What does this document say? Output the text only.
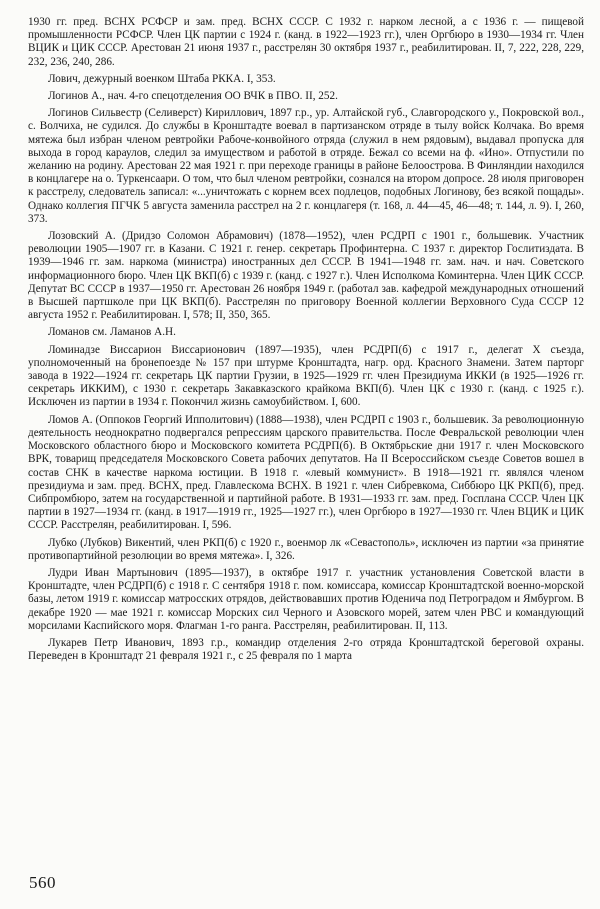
1930 гг. пред. ВСНХ РСФСР и зам. пред. ВСНХ СССР. С 1932 г. нарком лесной, а с 1936 г. — пищевой промышленности РСФСР. Член ЦК партии с 1924 г. (канд. в 1922—1923 гг.), член Оргбюро в 1930—1934 гг. Член ВЦИК и ЦИК СССР. Арестован 21 июня 1937 г., расстрелян 30 октября 1937 г., реабилитирован. II, 7, 222, 228, 229, 232, 236, 240, 286.

Лович, дежурный военком Штаба РККА. I, 353.

Логинов А., нач. 4-го спецотделения ОО ВЧК в ПВО. II, 252.

Логинов Сильвестр (Селиверст) Кириллович, 1897 г.р., ур. Алтайской губ., Славгородского у., Покровской вол., с. Волчиха, не судился. До службы в Кронштадте воевал в партизанском отряде в тылу войск Колчака. Во время мятежа был избран членом ревтройки Рабоче-конвойного отряда (служил в нем рядовым), выдавал пропуска для выхода в город караулов, следил за имуществом и работой в отряде. Бежал со всеми на ф. «Ино». Отпустили по желанию на родину. Арестован 22 мая 1921 г. при переходе границы в районе Белоострова. В Финляндии находился в концлагере на о. Туркенсаари. О том, что был членом ревтройки, сознался на втором допросе. 28 июля приговорен к расстрелу, следователь записал: «...уничтожать с корнем всех подлецов, подобных Логинову, без всякой пощады». Однако коллегия ПГЧК 5 августа заменила расстрел на 2 г. концлагеря (т. 168, л. 44—45, 46—48; т. 144, л. 9). I, 260, 373.

Лозовский А. (Дридзо Соломон Абрамович) (1878—1952), член РСДРП с 1901 г., большевик. Участник революции 1905—1907 гг. в Казани. С 1921 г. генер. секретарь Профинтерна. С 1937 г. директор Гослитиздата. В 1939—1946 гг. зам. наркома (министра) иностранных дел СССР. В 1941—1948 гг. зам. нач. и нач. Советского информационного бюро. Член ЦК ВКП(б) с 1939 г. (канд. с 1927 г.). Член Исполкома Коминтерна. Член ЦИК СССР. Депутат ВС СССР в 1937—1950 гг. Арестован 26 ноября 1949 г. (работал зав. кафедрой международных отношений в Высшей партшколе при ЦК ВКП(б). Расстрелян по приговору Военной коллегии Верховного Суда СССР 12 августа 1952 г. Реабилитирован. I, 578; II, 350, 365.

Ломанов см. Ламанов А.Н.

Ломинадзе Виссарион Виссарионович (1897—1935), член РСДРП(б) с 1917 г., делегат X съезда, уполномоченный на бронепоезде № 157 при штурме Кронштадта, нагр. орд. Красного Знамени. Затем парторг завода в 1922—1924 гг. секретарь ЦК партии Грузии, в 1925—1929 гг. член Президиума ИККИ (в 1925—1926 гг. секретарь ИККИМ), с 1930 г. секретарь Закавказского крайкома ВКП(б). Член ЦК с 1930 г. (канд. с 1925 г.). Исключен из партии в 1934 г. Покончил жизнь самоубийством. I, 600.

Ломов А. (Оппоков Георгий Ипполитович) (1888—1938), член РСДРП с 1903 г., большевик. За революционную деятельность неоднократно подвергался репрессиям царского правительства. После Февральской революции член Московского областного бюро и Московского комитета РСДРП(б). В Октябрьские дни 1917 г. член Московского ВРК, товарищ председателя Московского Совета рабочих депутатов. На II Всероссийском съезде Советов вошел в состав СНК в качестве наркома юстиции. В 1918 г. «левый коммунист». В 1918—1921 гг. являлся членом президиума и зам. пред. ВСНХ, пред. Главлескома ВСНХ. В 1921 г. член Сибревкома, Сиббюро ЦК РКП(б), пред. Сибпромбюро, затем на государственной и партийной работе. В 1931—1933 гг. зам. пред. Госплана СССР. Член ЦК партии в 1927—1934 гг. (канд. в 1917—1919 гг., 1925—1927 гг.), член Оргбюро в 1927—1930 гг. Член ВЦИК и ЦИК СССР. Расстрелян, реабилитирован. I, 596.

Лубко (Лубков) Викентий, член РКП(б) с 1920 г., военмор лк «Севастополь», исключен из партии «за принятие противопартийной резолюции во время мятежа». I, 326.

Лудри Иван Мартынович (1895—1937), в октябре 1917 г. участник установления Советской власти в Кронштадте, член РСДРП(б) с 1918 г. С сентября 1918 г. пом. комиссара, комиссар Кронштадтской военно-морской базы, летом 1919 г. комиссар матросских отрядов, действовавших против Юденича под Петроградом и Ямбургом. В декабре 1920 — мае 1921 г. комиссар Морских сил Черного и Азовского морей, затем член РВС и командующий морсилами Каспийского моря. Флагман 1-го ранга. Расстрелян, реабилитирован. II, 113.

Лукарев Петр Иванович, 1893 г.р., командир отделения 2-го отряда Кронштадтской береговой охраны. Переведен в Кронштадт 21 февраля 1921 г., с 25 февраля по 1 марта

560
